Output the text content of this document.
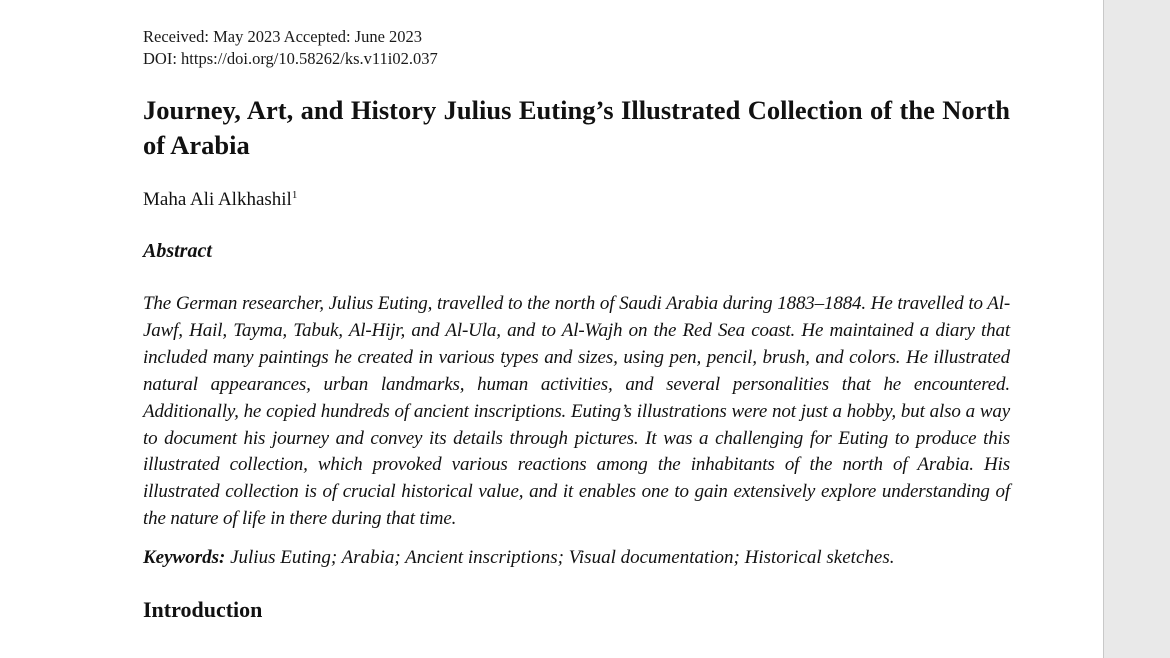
Received: May 2023 Accepted: June 2023

DOI: https://doi.org/10.58262/ks.v11i02.037

Journey, Art, and History Julius Euting’s Illustrated Collection of the North of Arabia

Maha Ali Alkhashil$^1$

Abstract

The German researcher, Julius Euting, travelled to the north of Saudi Arabia during 1883–1884. He travelled to Al-Jawf, Hail, Tayma, Tabuk, Al-Hijr, and Al-Ula, and to Al-Wajh on the Red Sea coast. He maintained a diary that included many paintings he created in various types and sizes, using pen, pencil, brush, and colors. He illustrated natural appearances, urban landmarks, human activities, and several personalities that he encountered. Additionally, he copied hundreds of ancient inscriptions. Euting’s illustrations were not just a hobby, but also a way to document his journey and convey its details through pictures. It was a challenging for Euting to produce this illustrated collection, which provoked various reactions among the inhabitants of the north of Arabia. His illustrated collection is of crucial historical value, and it enables one to gain extensively explore understanding of the nature of life in there during that time.

Keywords: Julius Euting; Arabia; Ancient inscriptions; Visual documentation; Historical sketches.

Introduction
